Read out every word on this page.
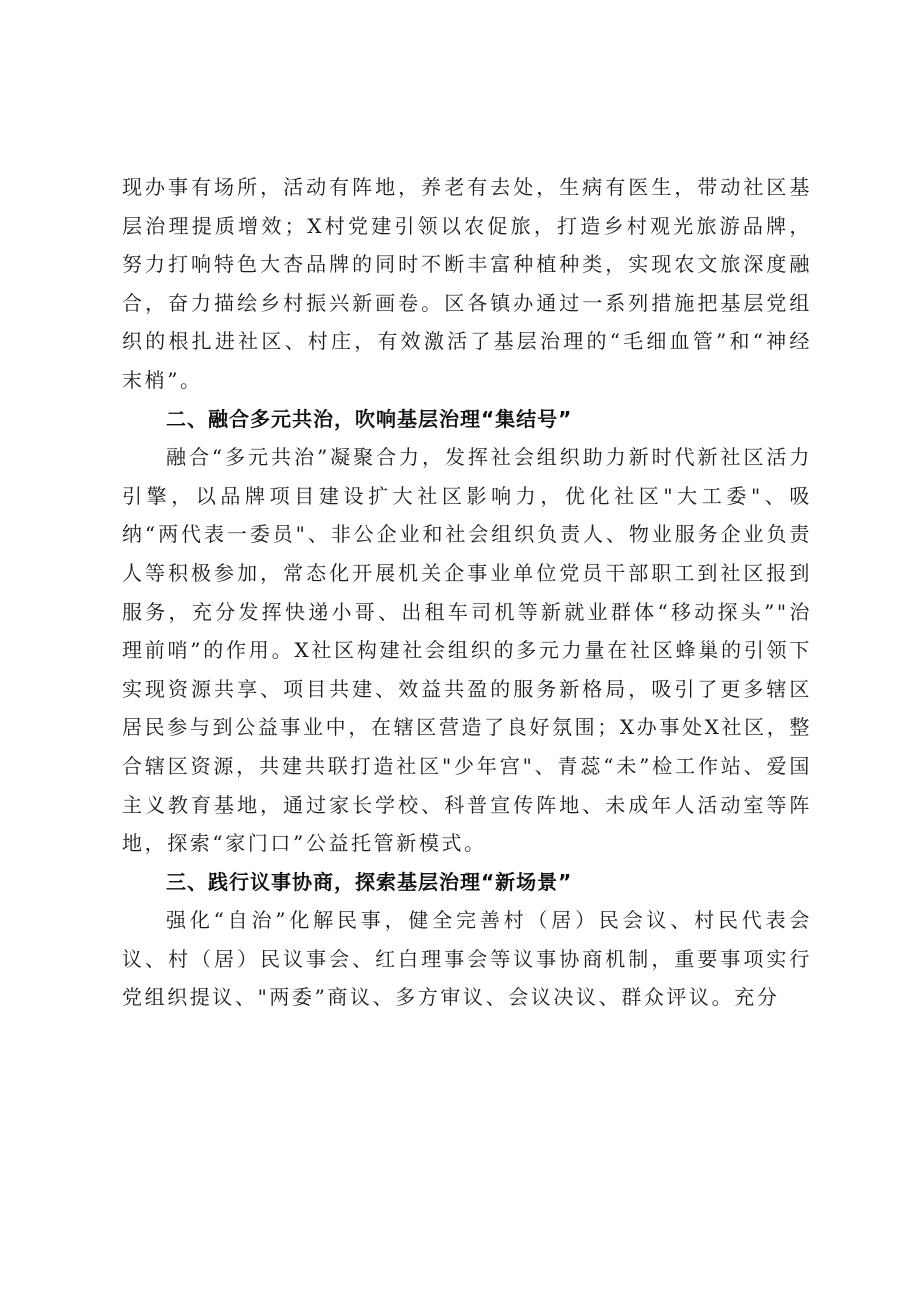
现办事有场所，活动有阵地，养老有去处，生病有医生，带动社区基层治理提质增效；X村党建引领以农促旅，打造乡村观光旅游品牌，努力打响特色大杏品牌的同时不断丰富种植种类，实现农文旅深度融合，奋力描绘乡村振兴新画卷。区各镇办通过一系列措施把基层党组织的根扎进社区、村庄，有效激活了基层治理的“毛细血管”和“神经末梢”。

二、融合多元共治，吹响基层治理“集结号”

融合“多元共治”凝聚合力，发挥社会组织助力新时代新社区活力引擎，以品牌项目建设扩大社区影响力，优化社区"大工委"、吸纳“两代表一委员"、非公企业和社会组织负责人、物业服务企业负责人等积极参加，常态化开展机关企事业单位党员干部职工到社区报到服务，充分发挥快递小哥、出租车司机等新就业群体“移动探头”"治理前哨”的作用。X社区构建社会组织的多元力量在社区蜂巢的引领下实现资源共享、项目共建、效益共盈的服务新格局，吸引了更多辖区居民参与到公益事业中，在辖区营造了良好氛围；X办事处X社区，整合辖区资源，共建共联打造社区"少年宫"、青蕊“未”检工作站、爱国主义教育基地，通过家长学校、科普宣传阵地、未成年人活动室等阵地，探索“家门口”公益托管新模式。

三、践行议事协商，探索基层治理“新场景”

强化“自治”化解民事，健全完善村（居）民会议、村民代表会议、村（居）民议事会、红白理事会等议事协商机制，重要事项实行党组织提议、"两委”商议、多方审议、会议决议、群众评议。充分
